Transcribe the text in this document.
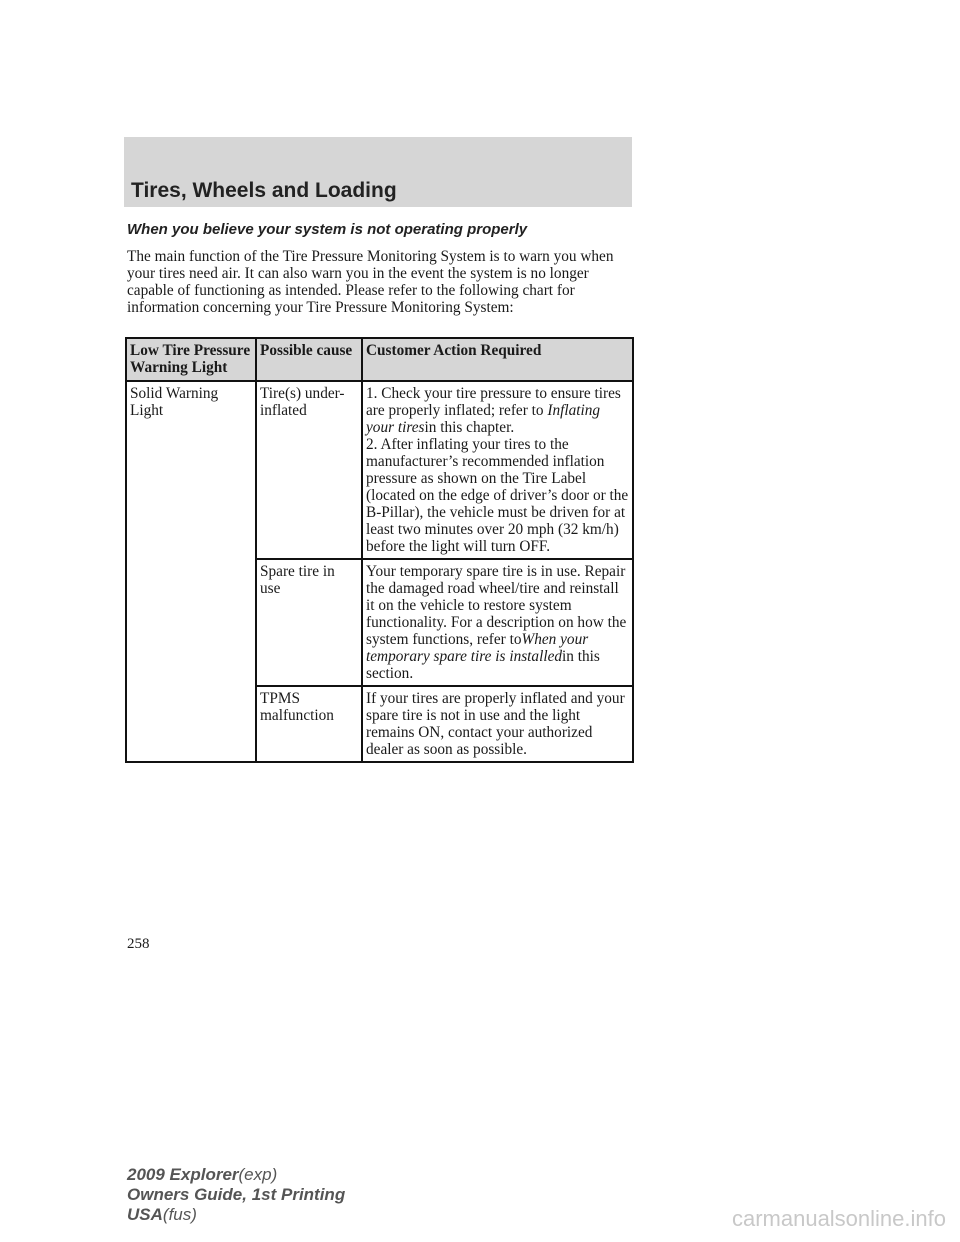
Tires, Wheels and Loading
When you believe your system is not operating properly
The main function of the Tire Pressure Monitoring System is to warn you when your tires need air. It can also warn you in the event the system is no longer capable of functioning as intended. Please refer to the following chart for information concerning your Tire Pressure Monitoring System:
Low Tire Pressure Warning Light	Possible cause	Customer Action Required
Solid Warning Light	Tire(s) under-inflated	1. Check your tire pressure to ensure tires are properly inflated; refer to Inflating your tiresin this chapter.
2. After inflating your tires to the manufacturer’s recommended inflation pressure as shown on the Tire Label (located on the edge of driver’s door or the B-Pillar), the vehicle must be driven for at least two minutes over 20 mph (32 km/h) before the light will turn OFF.
	Spare tire in use	Your temporary spare tire is in use. Repair the damaged road wheel/tire and reinstall it on the vehicle to restore system functionality. For a description on how the system functions, refer toWhen your temporary spare tire is installedin this section.
	TPMS malfunction	If your tires are properly inflated and your spare tire is not in use and the light remains ON, contact your authorized dealer as soon as possible.
258
2009 Explorer(exp)
Owners Guide, 1st Printing
USA(fus)	carmanualsonline.info
